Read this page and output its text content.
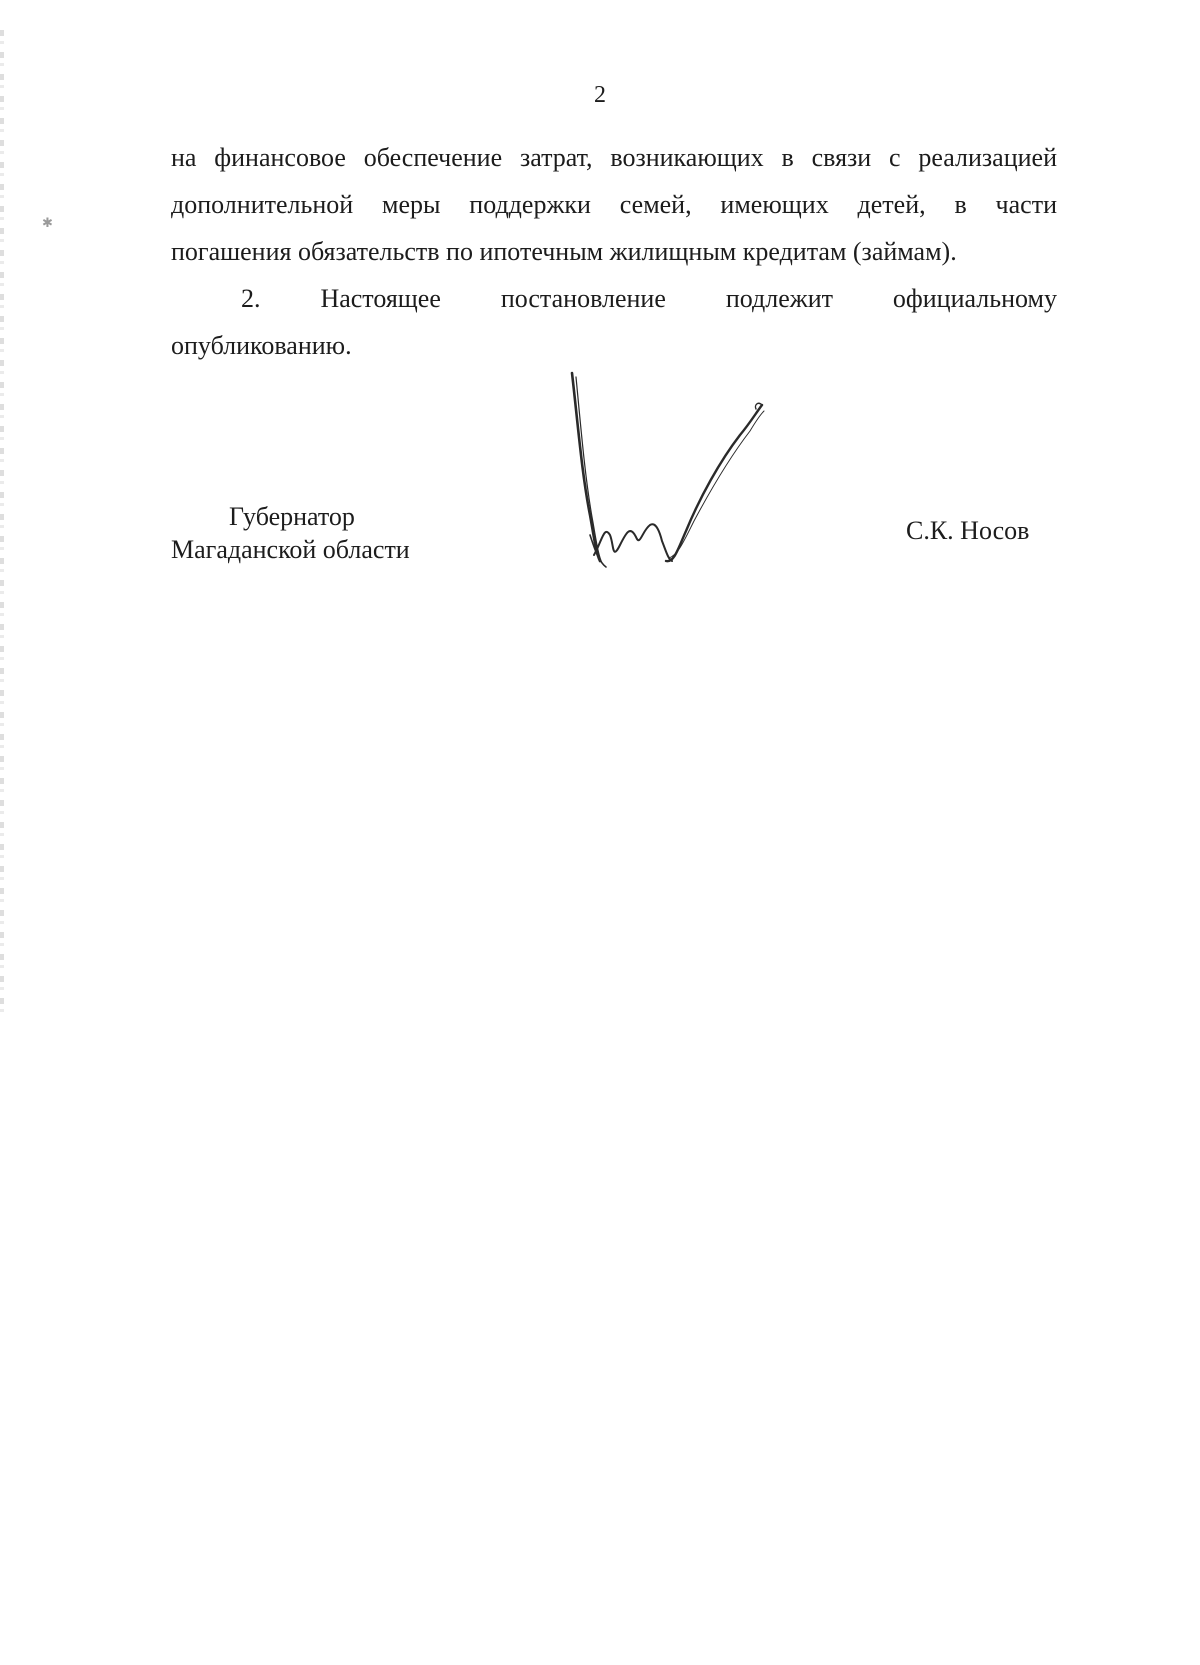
✱
2
на финансовое обеспечение затрат, возникающих в связи с реализацией
дополнительной меры поддержки семей, имеющих детей, в части
погашения обязательств по ипотечным жилищным кредитам (займам).
2. Настоящее постановление подлежит официальному
опубликованию.
Губернатор
Магаданской области
С.К. Носов
